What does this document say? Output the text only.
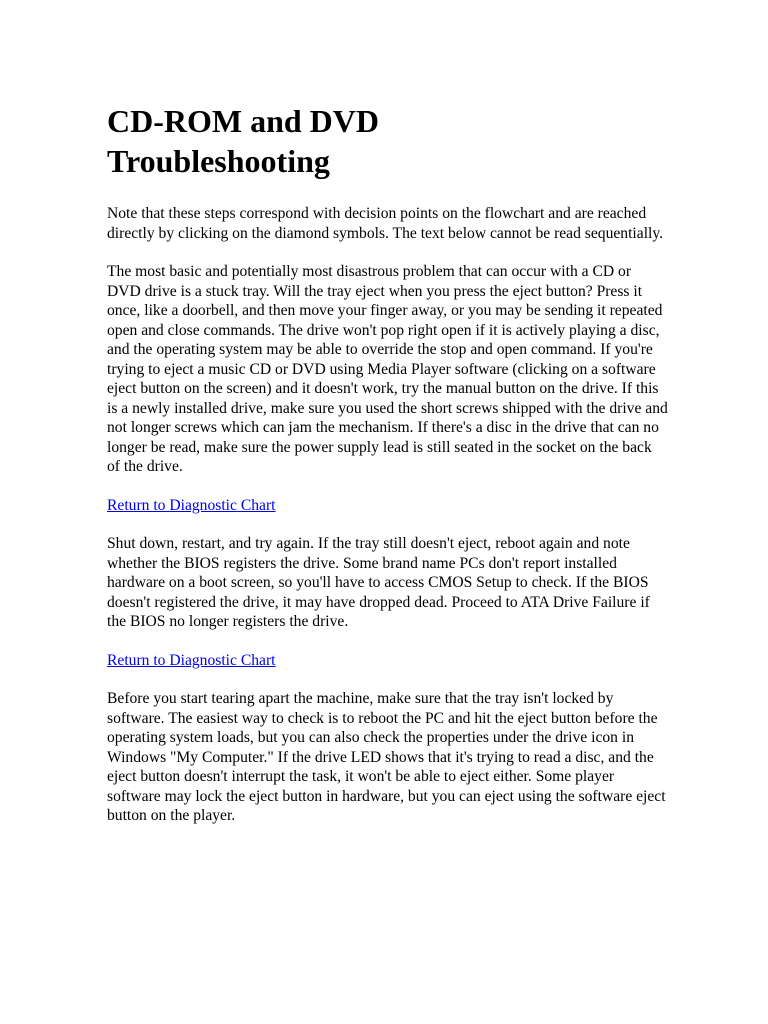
CD-ROM and DVD Troubleshooting

Note that these steps correspond with decision points on the flowchart and are reached directly by clicking on the diamond symbols. The text below cannot be read sequentially.

The most basic and potentially most disastrous problem that can occur with a CD or DVD drive is a stuck tray. Will the tray eject when you press the eject button? Press it once, like a doorbell, and then move your finger away, or you may be sending it repeated open and close commands. The drive won't pop right open if it is actively playing a disc, and the operating system may be able to override the stop and open command. If you're trying to eject a music CD or DVD using Media Player software (clicking on a software eject button on the screen) and it doesn't work, try the manual button on the drive. If this is a newly installed drive, make sure you used the short screws shipped with the drive and not longer screws which can jam the mechanism. If there's a disc in the drive that can no longer be read, make sure the power supply lead is still seated in the socket on the back of the drive.

Return to Diagnostic Chart

Shut down, restart, and try again. If the tray still doesn't eject, reboot again and note whether the BIOS registers the drive. Some brand name PCs don't report installed hardware on a boot screen, so you'll have to access CMOS Setup to check. If the BIOS doesn't registered the drive, it may have dropped dead. Proceed to ATA Drive Failure if the BIOS no longer registers the drive.

Return to Diagnostic Chart

Before you start tearing apart the machine, make sure that the tray isn't locked by software. The easiest way to check is to reboot the PC and hit the eject button before the operating system loads, but you can also check the properties under the drive icon in Windows "My Computer." If the drive LED shows that it's trying to read a disc, and the eject button doesn't interrupt the task, it won't be able to eject either. Some player software may lock the eject button in hardware, but you can eject using the software eject button on the player.
